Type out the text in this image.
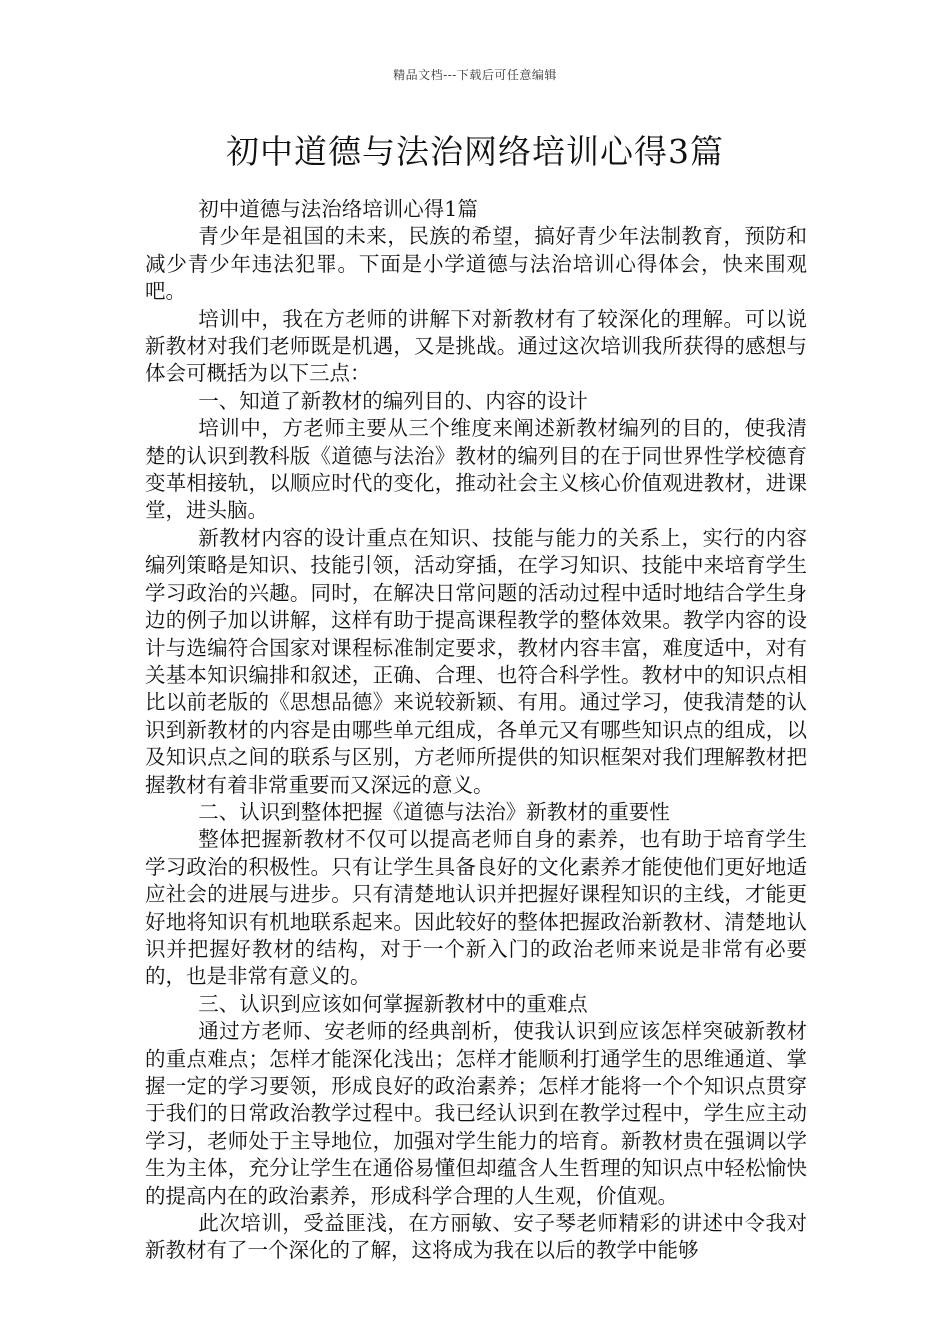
精品文档---下载后可任意编辑
初中道德与法治网络培训心得3篇

初中道德与法治络培训心得1篇

青少年是祖国的未来，民族的希望，搞好青少年法制教育，预防和减少青少年违法犯罪。下面是小学道德与法治培训心得体会，快来围观吧。

培训中，我在方老师的讲解下对新教材有了较深化的理解。可以说新教材对我们老师既是机遇，又是挑战。通过这次培训我所获得的感想与体会可概括为以下三点：

一、知道了新教材的编列目的、内容的设计

培训中，方老师主要从三个维度来阐述新教材编列的目的，使我清楚的认识到教科版《道德与法治》教材的编列目的在于同世界性学校德育变革相接轨，以顺应时代的变化，推动社会主义核心价值观进教材，进课堂，进头脑。

新教材内容的设计重点在知识、技能与能力的关系上，实行的内容编列策略是知识、技能引领，活动穿插，在学习知识、技能中来培育学生学习政治的兴趣。同时，在解决日常问题的活动过程中适时地结合学生身边的例子加以讲解，这样有助于提高课程教学的整体效果。教学内容的设计与选编符合国家对课程标准制定要求，教材内容丰富，难度适中，对有关基本知识编排和叙述，正确、合理、也符合科学性。教材中的知识点相比以前老版的《思想品德》来说较新颖、有用。通过学习，使我清楚的认识到新教材的内容是由哪些单元组成，各单元又有哪些知识点的组成，以及知识点之间的联系与区别，方老师所提供的知识框架对我们理解教材把握教材有着非常重要而又深远的意义。

二、认识到整体把握《道德与法治》新教材的重要性

整体把握新教材不仅可以提高老师自身的素养，也有助于培育学生学习政治的积极性。只有让学生具备良好的文化素养才能使他们更好地适应社会的进展与进步。只有清楚地认识并把握好课程知识的主线，才能更好地将知识有机地联系起来。因此较好的整体把握政治新教材、清楚地认识并把握好教材的结构，对于一个新入门的政治老师来说是非常有必要的，也是非常有意义的。

三、认识到应该如何掌握新教材中的重难点

通过方老师、安老师的经典剖析，使我认识到应该怎样突破新教材的重点难点；怎样才能深化浅出；怎样才能顺利打通学生的思维通道、掌握一定的学习要领，形成良好的政治素养；怎样才能将一个个知识点贯穿于我们的日常政治教学过程中。我已经认识到在教学过程中，学生应主动学习，老师处于主导地位，加强对学生能力的培育。新教材贵在强调以学生为主体，充分让学生在通俗易懂但却蕴含人生哲理的知识点中轻松愉快的提高内在的政治素养，形成科学合理的人生观，价值观。

此次培训，受益匪浅，在方丽敏、安子琴老师精彩的讲述中令我对新教材有了一个深化的了解，这将成为我在以后的教学中能够
